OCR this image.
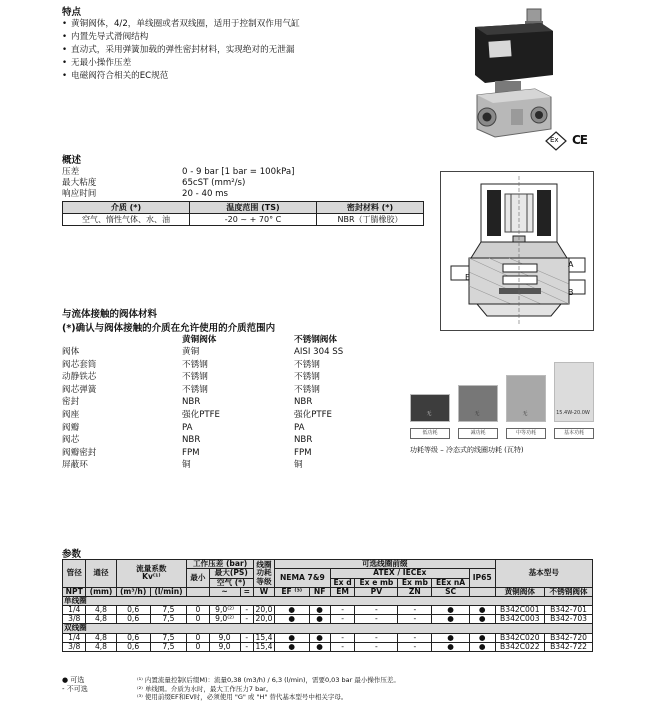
特点
• 黄铜阀体，4/2，单线圈或者双线圈，适用于控制双作用气缸
• 内置先导式滑阀结构
• 直动式，采用弹簧加载的弹性密封材料，实现绝对的无泄漏
• 无最小操作压差
• 电磁阀符合相关的EC规范
Ex CE
概述
压差	0 - 9 bar [1 bar = 100kPa]
最大粘度	65cST (mm²/s)
响应时间	20 - 40 ms
介质 (*)	温度范围 (TS)	密封材料 (*)
空气、惰性气体、水、油	-20 ~ + 70° C	NBR（丁腈橡胶）
E
A
B
与流体接触的阀体材料
(*)确认与阀体接触的介质在允许使用的介质范围内
	黄铜阀体	不锈钢阀体
阀体	黄铜	AISI 304 SS
阀芯套筒	不锈钢	不锈钢
动静铁芯	不锈钢	不锈钢
阀芯弹簧	不锈钢	不锈钢
密封	NBR	NBR
阀座	强化PTFE	强化PTFE
阀瓣	PA	PA
阀芯	NBR	NBR
阀瓣密封	FPM	FPM
屏蔽环	铜	铜
无
低功耗
无
减功耗
无
中等功耗
15.4W-20.0W
基本功耗
功耗等级 – 冷态式的线圈功耗 (瓦特)
参数
管径	通径	流量系数
Kv⁽¹⁾		工作压差 (bar)			线圈功耗等级	可选线圈前缀							基本型号	
				最小	最大(PS)			NEMA 7&9		ATEX / IECEx				IP65		
					空气 (*)					Ex d	Ex e mb	Ex mb	EEx nA			
NPT	(mm)	(m³/h)	(l/min)		~	=	W	EF ⁽³⁾	NF	EM	PV	ZN	SC		黄铜阀体	不锈钢阀体
单线圈																
1/4	4,8	0,6	7,5	0	9,0⁽²⁾	-	20,0	●	●	-	-	-	●	●	B342C001	B342-701
3/8	4,8	0,6	7,5	0	9,0⁽²⁾	-	20,0	●	●	-	-	-	●	●	B342C003	B342-703
双线圈																
1/4	4,8	0,6	7,5	0	9,0	-	15,4	●	●	-	-	-	●	●	B342C020	B342-720
3/8	4,8	0,6	7,5	0	9,0	-	15,4	●	●	-	-	-	●	●	B342C022	B342-722
● 可选
- 不可选
⁽¹⁾ 内置流量控制(后缀M)：流量0,38 (m3/h) / 6,3 (l/min)，需要0,03 bar 最小操作压差。
⁽²⁾ 单线圈。介质为水时，最大工作压力7 bar。
⁽³⁾ 使用前缀EF和EV时，必须使用 "G" 或 "H" 替代基本型号中相关字母。
